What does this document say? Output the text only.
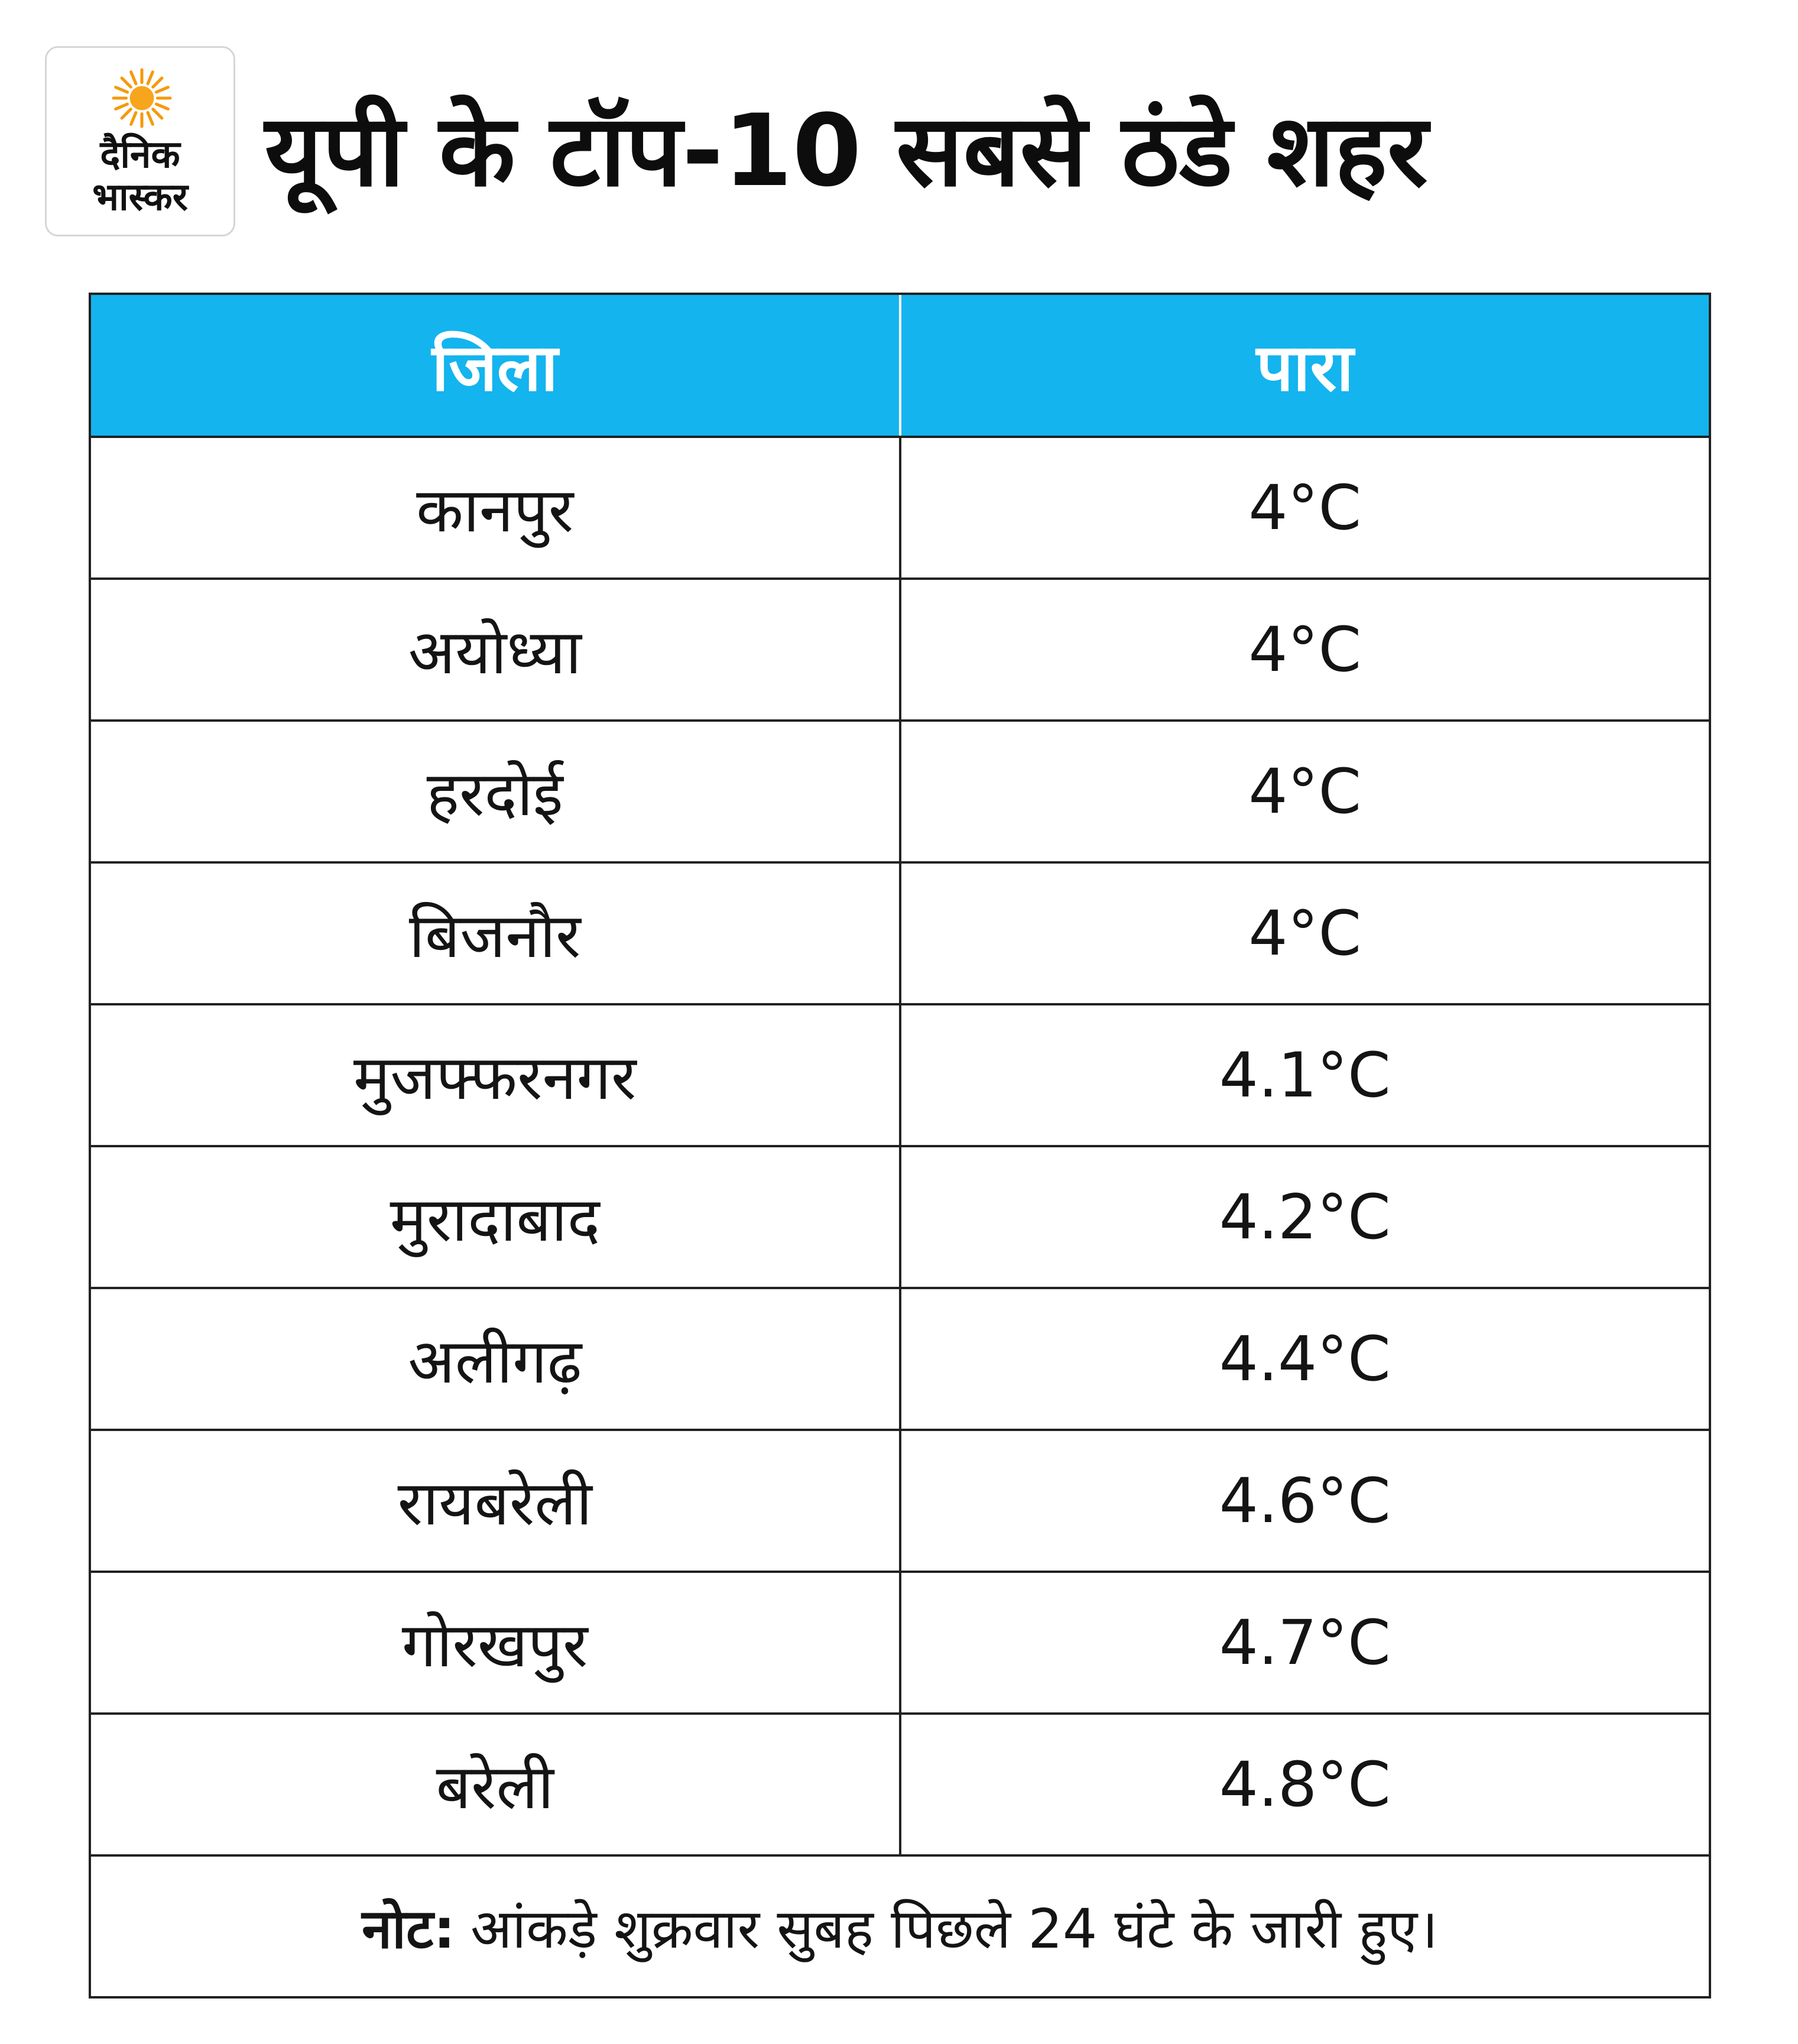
दैनिक
भास्कर यूपी के टॉप-10 सबसे ठंडे शहर
जिला	पारा
कानपुर	4°C
अयोध्या	4°C
हरदोई	4°C
बिजनौर	4°C
मुजफ्फरनगर	4.1°C
मुरादाबाद	4.2°C
अलीगढ़	4.4°C
रायबरेली	4.6°C
गोरखपुर	4.7°C
बरेली	4.8°C
नोट: आंकड़े शुक्रवार सुबह पिछले 24 घंटे के जारी हुए।
